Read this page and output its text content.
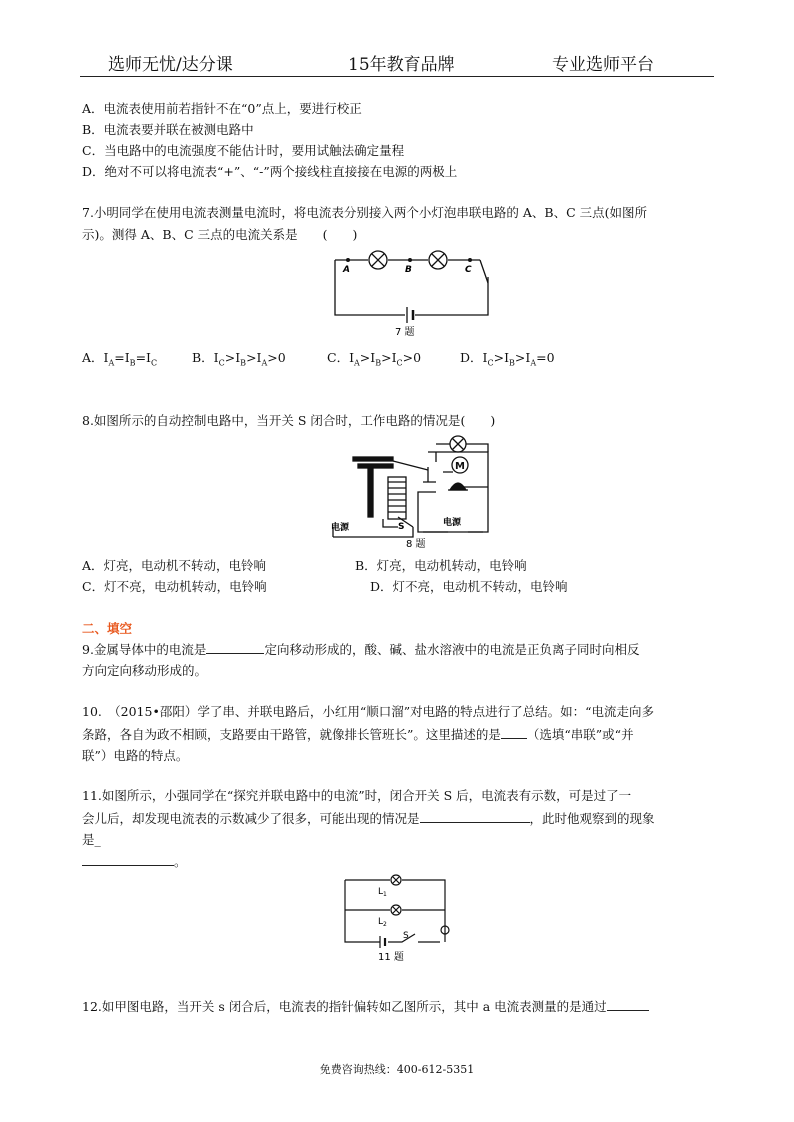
选师无忧/达分课	15年教育品牌	专业选师平台
A．电流表使用前若指针不在“0”点上，要进行校正
B．电流表要并联在被测电路中
C．当电路中的电流强度不能估计时，要用试触法确定量程
D．绝对不可以将电流表“+”、“-”两个接线柱直接接在电源的两极上
7.小明同学在使用电流表测量电流时，将电流表分别接入两个小灯泡串联电路的 A、B、C 三点(如图所
示)。测得 A、B、C 三点的电流关系是　　(　　)
A	B	C
7 题
A．$I_A=I_B=I_C$	B．$I_C>I_B>I_A>0$	C．$I_A>I_B>I_C>0$	D．$I_C>I_B>I_A=0$
8.如图所示的自动控制电路中，当开关 S 闭合时，工作电路的情况是(　　)
M
电源	S	电源
8 题
A．灯亮，电动机不转动，电铃响	B．灯亮，电动机转动，电铃响
C．灯不亮，电动机转动，电铃响	D．灯不亮，电动机不转动，电铃响
二、填空
9.金属导体中的电流是	定向移动形成的，酸、碱、盐水溶液中的电流是正负离子同时向相反
方向定向移动形成的。
10.　（2015•邵阳）学了串、并联电路后，小红用“顺口溜”对电路的特点进行了总结。如：“电流走向多
条路，各自为政不相顾，支路要由干路管，就像排长管班长”。这里描述的是 （选填“串联”或“并
联”）电路的特点。
11.如图所示，小强同学在“探究并联电路中的电流”时，闭合开关 S 后，电流表有示数，可是过了一
会儿后，却发现电流表的示数减少了很多，可能出现的情况是	，此时他观察到的现象
是_
。
$L_1$
$L_2$
S
11 题
12.如甲图电路，当开关 s 闭合后，电流表的指针偏转如乙图所示，其中 a 电流表测量的是通过
免费咨询热线：400-612-5351
